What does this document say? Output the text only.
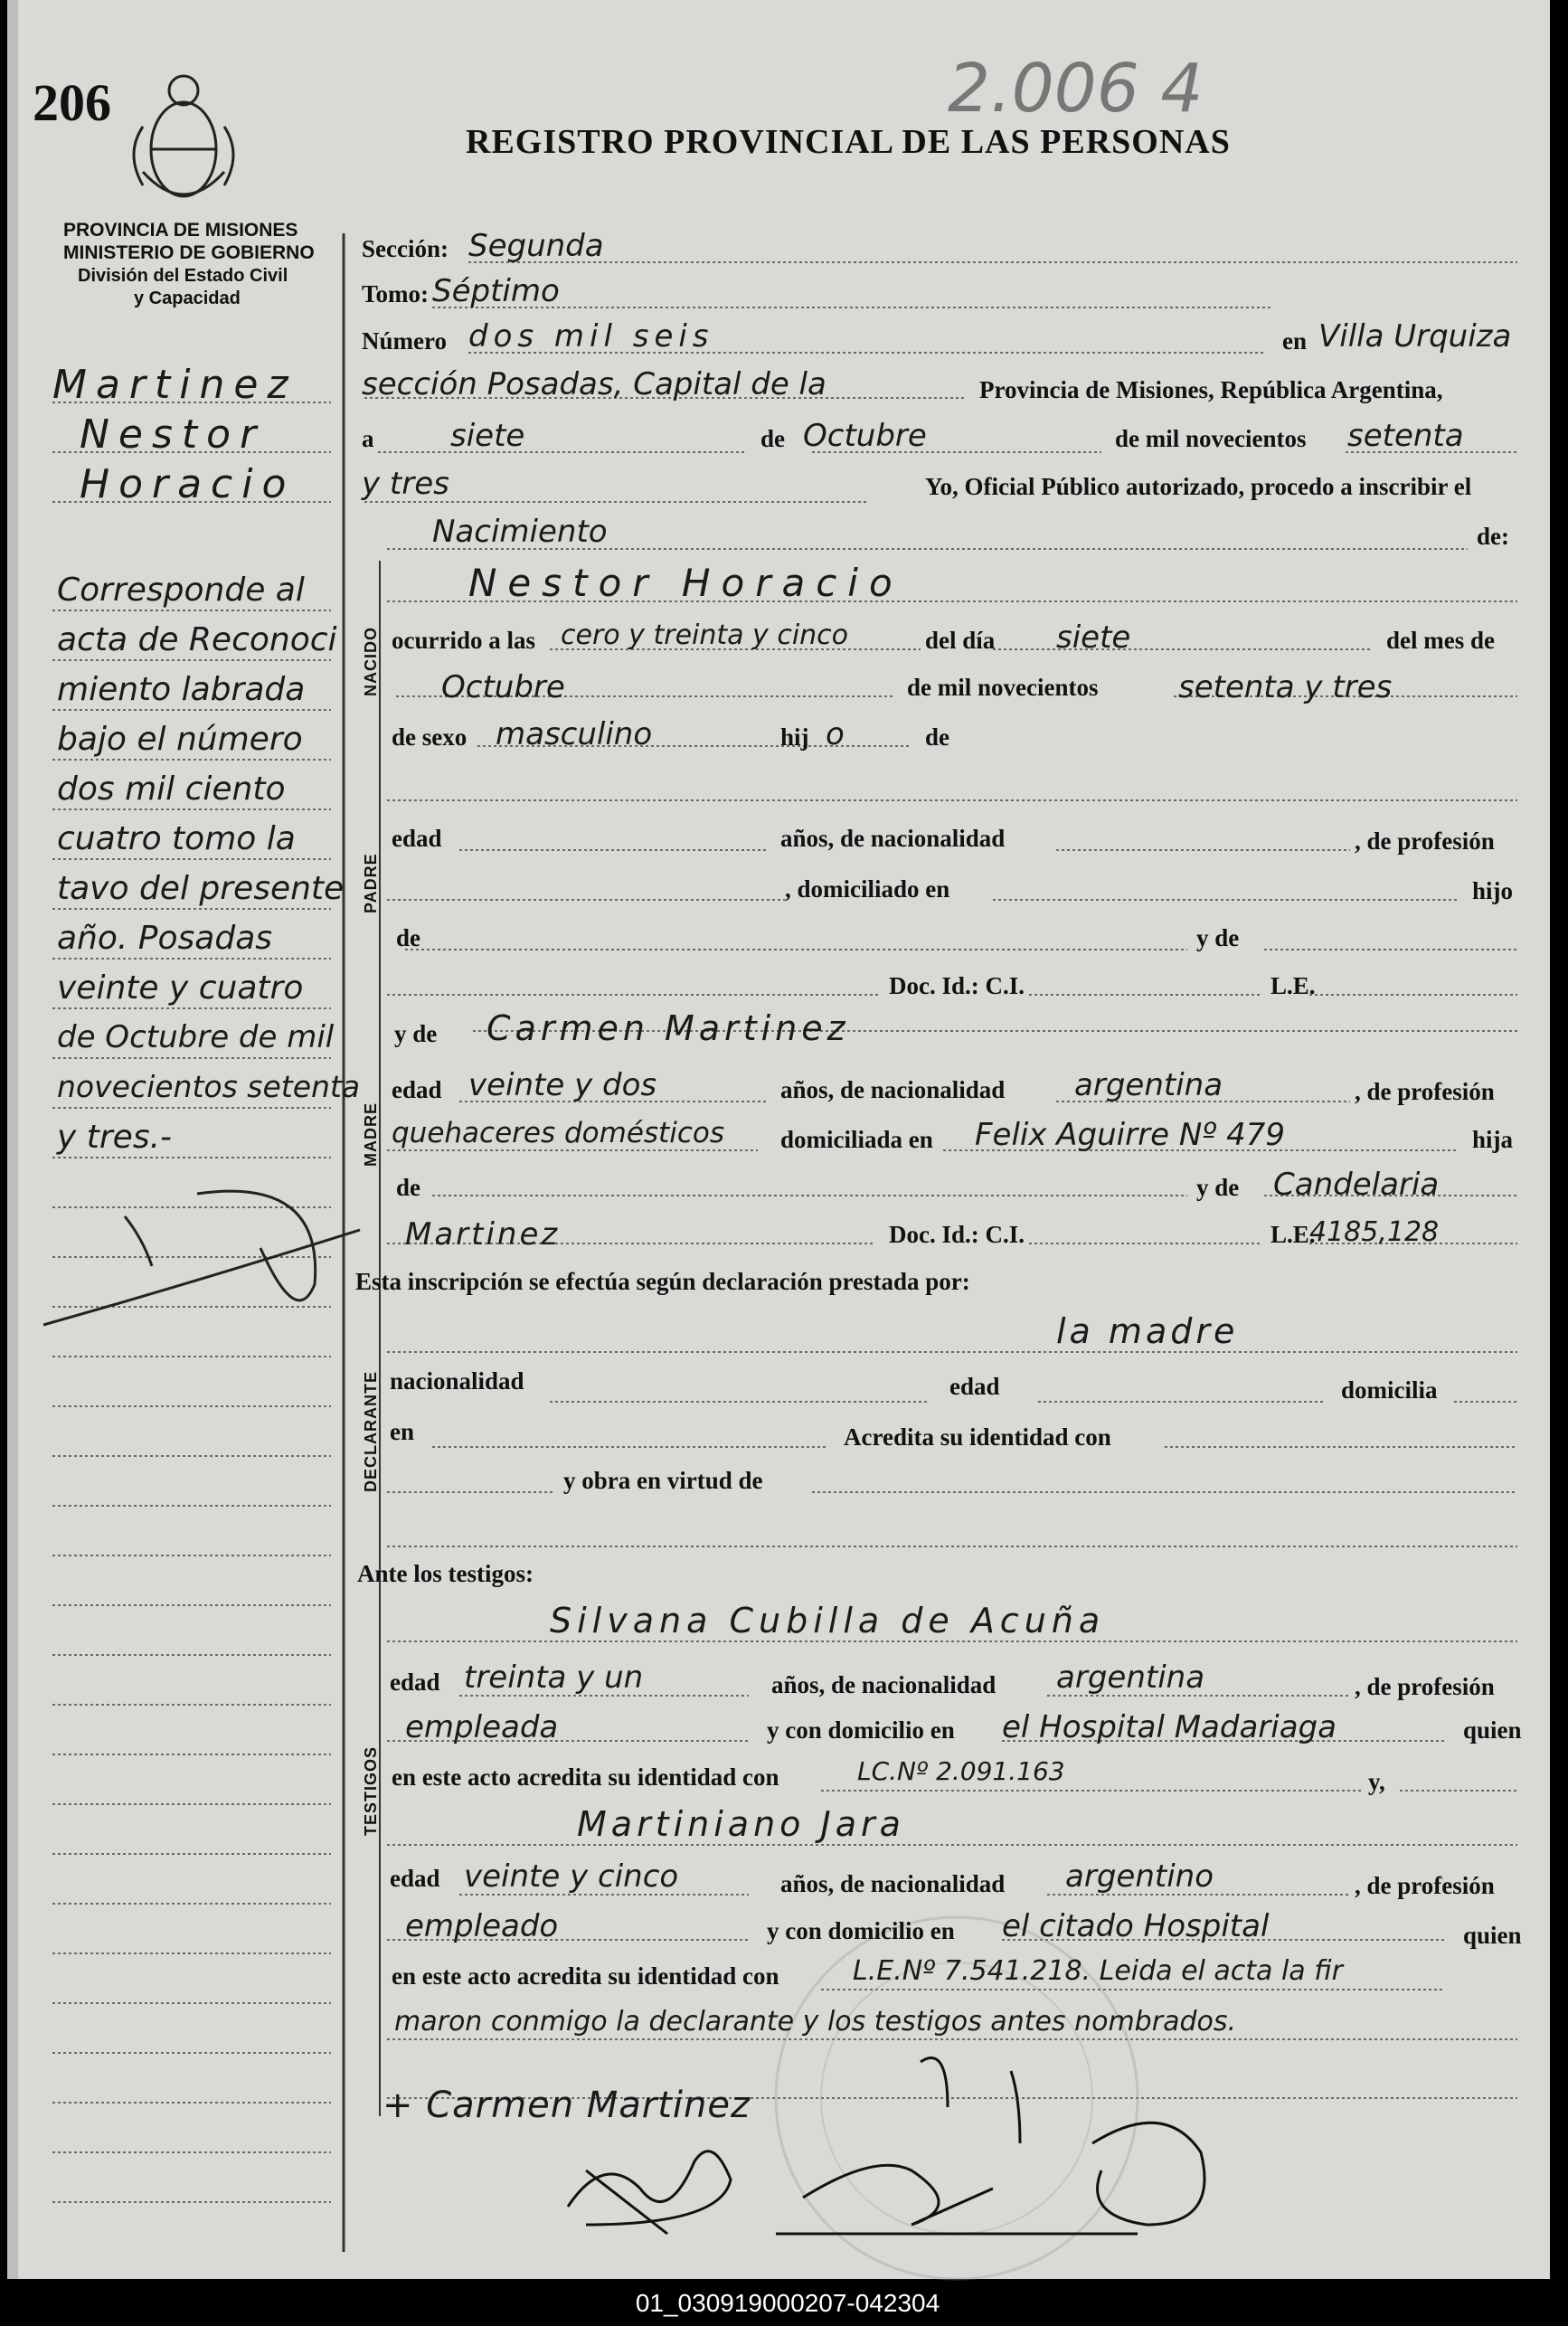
206	2.006 4
REGISTRO PROVINCIAL DE LAS PERSONAS
PROVINCIA DE MISIONES
MINISTERIO DE GOBIERNO
División del Estado Civil
y Capacidad
Martinez
Nestor
Horacio
Corresponde al
acta de Reconoci
miento labrada
bajo el número
dos mil ciento
cuatro tomo la
tavo del presente
año. Posadas
veinte y cuatro
de Octubre de mil
novecientos setenta
y tres.-
Sección: Segunda
Tomo: Séptimo
Número dos mil seis	en Villa Urquiza
sección Posadas, Capital de la	Provincia de Misiones, República Argentina,
a siete	de Octubre	de mil novecientos setenta
y tres	Yo, Oficial Público autorizado, procedo a inscribir el
Nacimiento	de:
NACIDO
Nestor Horacio
ocurrido a las cero y treinta y cinco	del día siete	del mes de
Octubre	de mil novecientos	setenta y tres
de sexo masculino	hij o	de
PADRE
edad	años, de nacionalidad	, de profesión
, domiciliado en	hijo
de	y de
Doc. Id.: C.I.	L.E.
MADRE
y de Carmen Martinez
edad veinte y dos	años, de nacionalidad argentina	, de profesión
quehaceres domésticos domiciliada en Felix Aguirre Nº 479	hija
de	y de Candelaria
Martinez	Doc. Id.: C.I.	L.E.
4185,128
Esta inscripción se efectúa según declaración prestada por:
DECLARANTE
la madre
nacionalidad	edad	domicilia
en	Acredita su identidad con
y obra en virtud de
Ante los testigos:
TESTIGOS
Silvana Cubilla de Acuña
edad treinta y un	años, de nacionalidad argentina	, de profesión
empleada	y con domicilio en el Hospital Madariaga	quien
en este acto acredita su identidad con	LC.Nº 2.091.163	y,
Martiniano Jara
edad veinte y cinco	años, de nacionalidad argentino	, de profesión
empleado	y con domicilio en el citado Hospital	quien
en este acto acredita su identidad con	L.E.Nº 7.541.218. Leida el acta la fir
maron conmigo la declarante y los testigos antes nombrados.
+ Carmen Martinez
01_030919000207-042304
